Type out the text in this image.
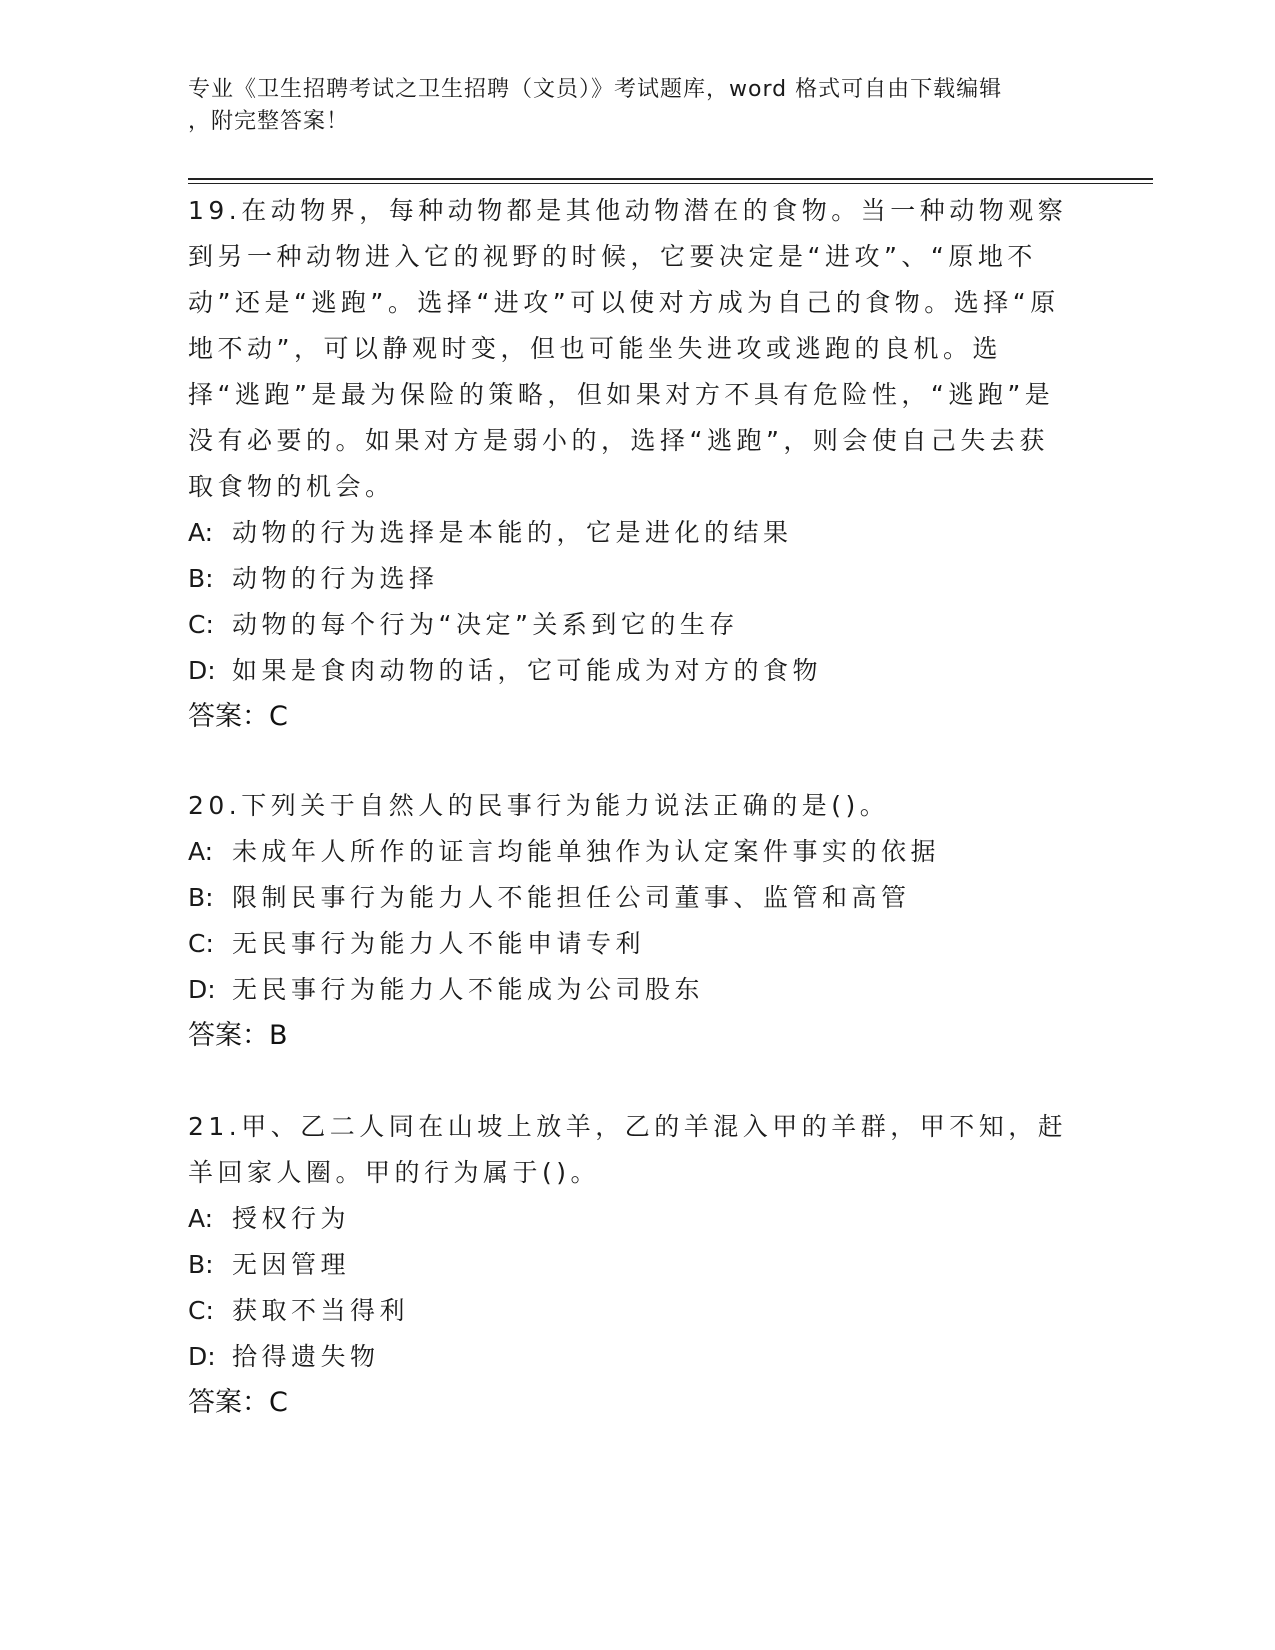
专业《卫生招聘考试之卫生招聘（文员）》考试题库，word 格式可自由下载编辑
，附完整答案！
19.在动物界，每种动物都是其他动物潜在的食物。当一种动物观察到另一种动物进入它的视野的时候，它要决定是“进攻”、“原地不动”还是“逃跑”。选择“进攻”可以使对方成为自己的食物。选择“原地不动”，可以静观时变，但也可能坐失进攻或逃跑的良机。选择“逃跑”是最为保险的策略，但如果对方不具有危险性，“逃跑”是没有必要的。如果对方是弱小的，选择“逃跑”，则会使自己失去获取食物的机会。
A: 动物的行为选择是本能的，它是进化的结果
B: 动物的行为选择
C: 动物的每个行为“决定”关系到它的生存
D: 如果是食肉动物的话，它可能成为对方的食物
答案：C
20.下列关于自然人的民事行为能力说法正确的是()。
A: 未成年人所作的证言均能单独作为认定案件事实的依据
B: 限制民事行为能力人不能担任公司董事、监管和高管
C: 无民事行为能力人不能申请专利
D: 无民事行为能力人不能成为公司股东
答案：B
21.甲、乙二人同在山坡上放羊，乙的羊混入甲的羊群，甲不知，赶羊回家人圈。甲的行为属于()。
A: 授权行为
B: 无因管理
C: 获取不当得利
D: 拾得遗失物
答案：C
